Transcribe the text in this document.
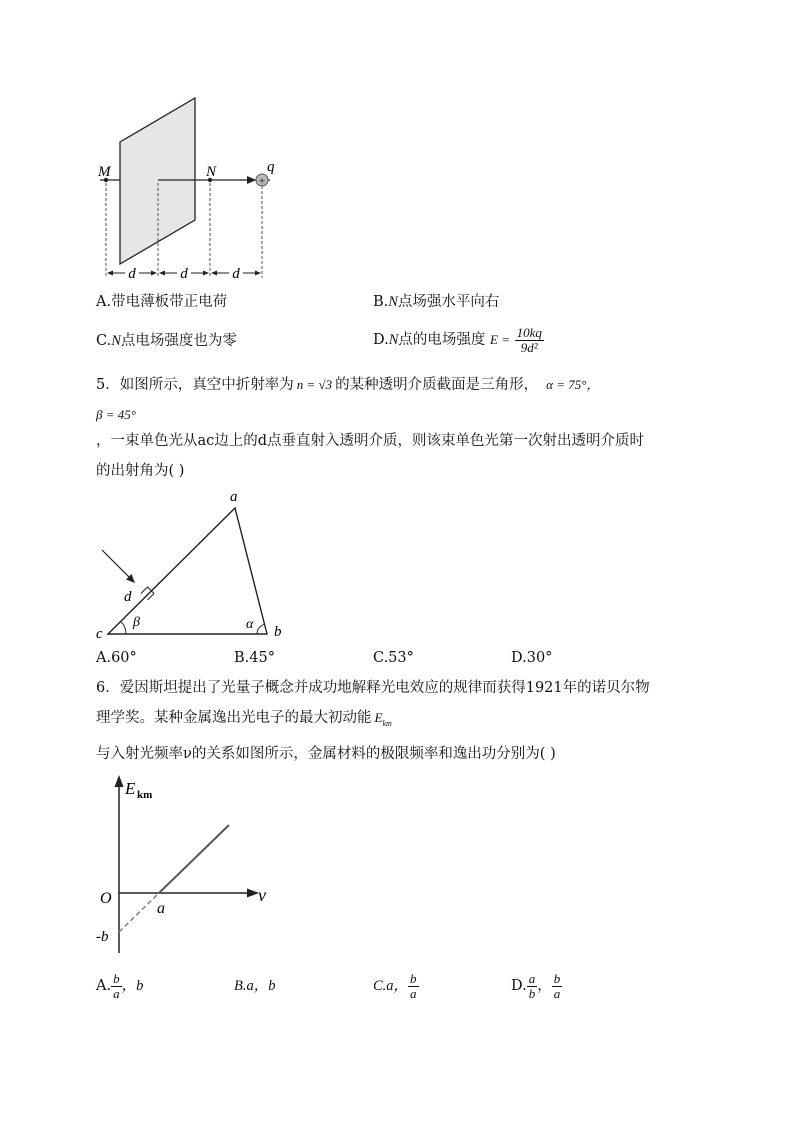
+
M	N	q
d	d	d
A.带电薄板带正电荷	B.N点场强水平向右
C.N点电场强度也为零	D.N点的电场强度 $E = \frac{10kq}{\text{9d²}}$
5．如图所示，真空中折射率为 n = √3 的某种透明介质截面是三角形， α = 75°，
β = 45°
，一束单色光从ac边上的d点垂直射入透明介质，则该束单色光第一次射出透明介质时
的出射角为( )
a
b
c
d
β	α
A.60°	B.45°	C.53°	D.30°
6．爱因斯坦提出了光量子概念并成功地解释光电效应的规律而获得1921年的诺贝尔物
理学奖。某种金属逸出光电子的最大初动能 $E_{km}$
与入射光频率ν的关系如图所示，金属材料的极限频率和逸出功分别为( )
E km
ν
O
a
-b
A. $\frac{b}{a}$ ，b	B.a，b	C.a， $\frac{b}{a}$	D. $\frac{a}{b}$ ， $\frac{b}{a}$
